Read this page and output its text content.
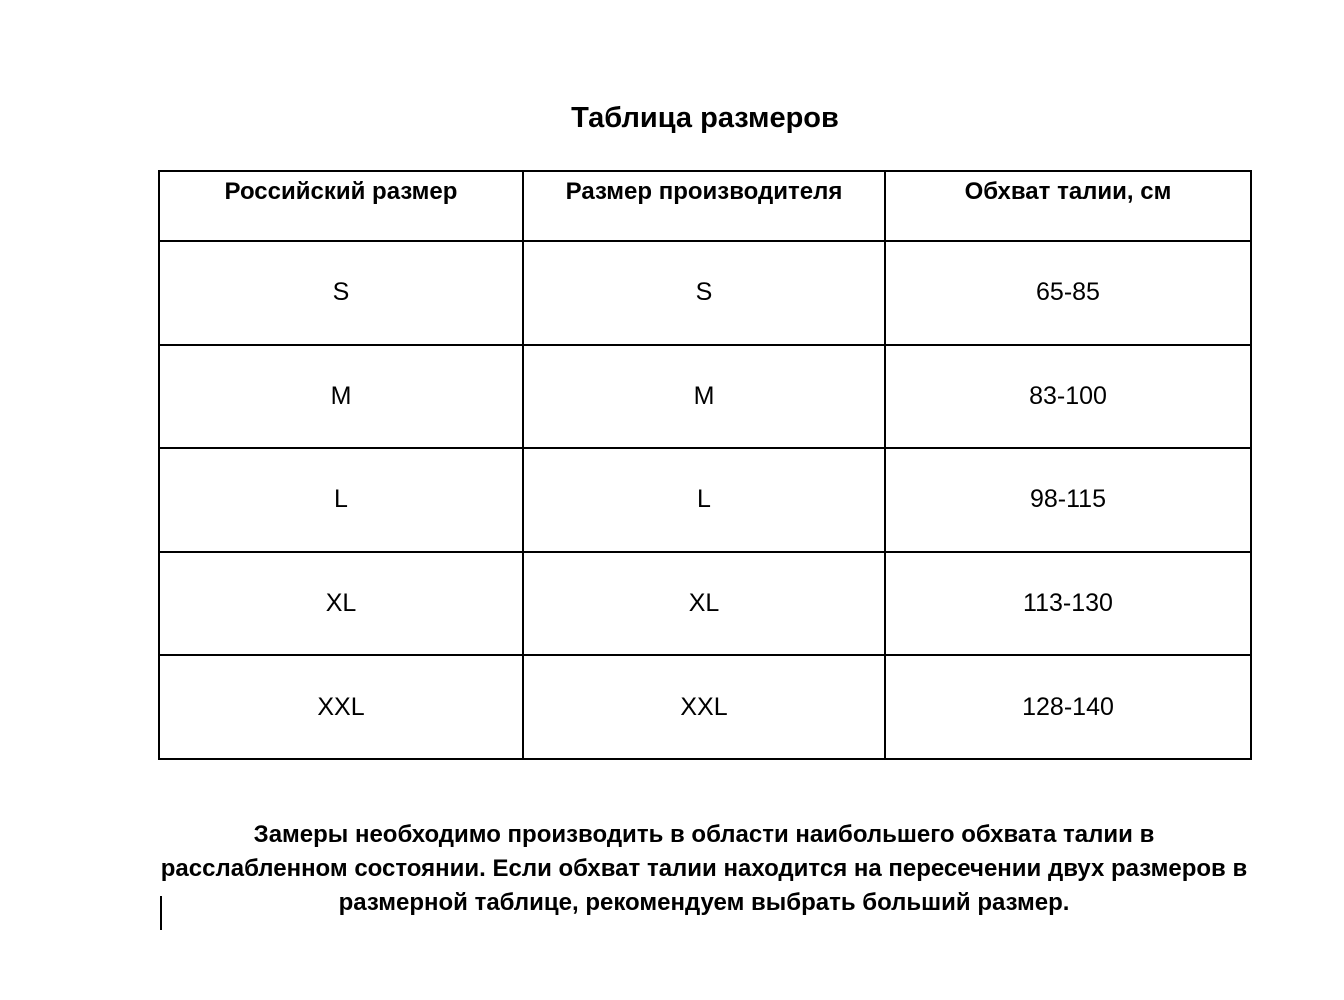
Таблица размеров
Российский размер	Размер производителя	Обхват талии, см
S	S	65-85
M	M	83-100
L	L	98-115
XL	XL	113-130
XXL	XXL	128-140

Замеры необходимо производить в области наибольшего обхвата талии в расслабленном состоянии. Если обхват талии находится на пересечении двух размеров в размерной таблице, рекомендуем выбрать больший размер.
